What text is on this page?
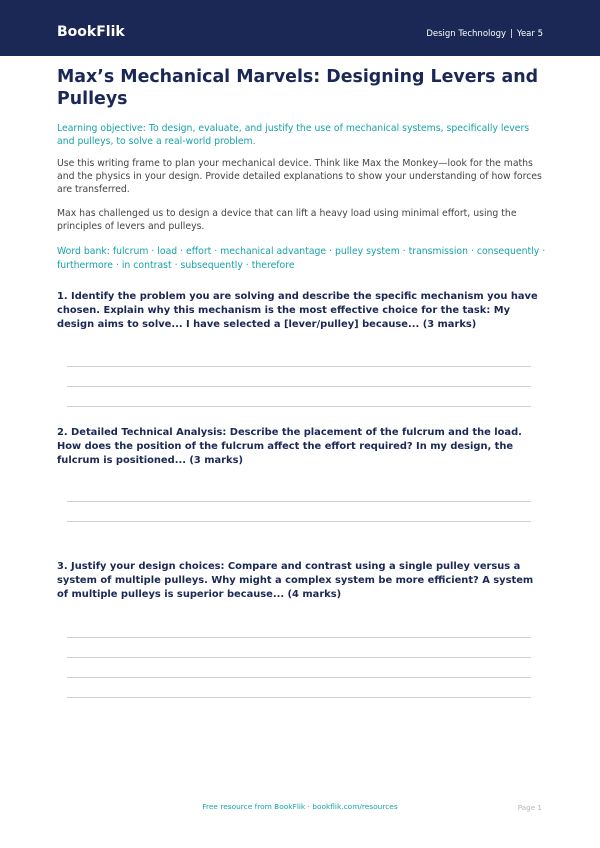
BookFlik	Design Technology | Year 5
Max’s Mechanical Marvels: Designing Levers and Pulleys
Learning objective: To design, evaluate, and justify the use of mechanical systems, specifically levers and pulleys, to solve a real-world problem.
Use this writing frame to plan your mechanical device. Think like Max the Monkey—look for the maths and the physics in your design. Provide detailed explanations to show your understanding of how forces are transferred.
Max has challenged us to design a device that can lift a heavy load using minimal effort, using the principles of levers and pulleys.
Word bank: fulcrum · load · effort · mechanical advantage · pulley system · transmission · consequently · furthermore · in contrast · subsequently · therefore
1. Identify the problem you are solving and describe the specific mechanism you have chosen. Explain why this mechanism is the most effective choice for the task: My design aims to solve... I have selected a [lever/pulley] because... (3 marks)
2. Detailed Technical Analysis: Describe the placement of the fulcrum and the load. How does the position of the fulcrum affect the effort required? In my design, the fulcrum is positioned... (3 marks)
3. Justify your design choices: Compare and contrast using a single pulley versus a system of multiple pulleys. Why might a complex system be more efficient? A system of multiple pulleys is superior because... (4 marks)
Free resource from BookFlik · bookflik.com/resources	Page 1
